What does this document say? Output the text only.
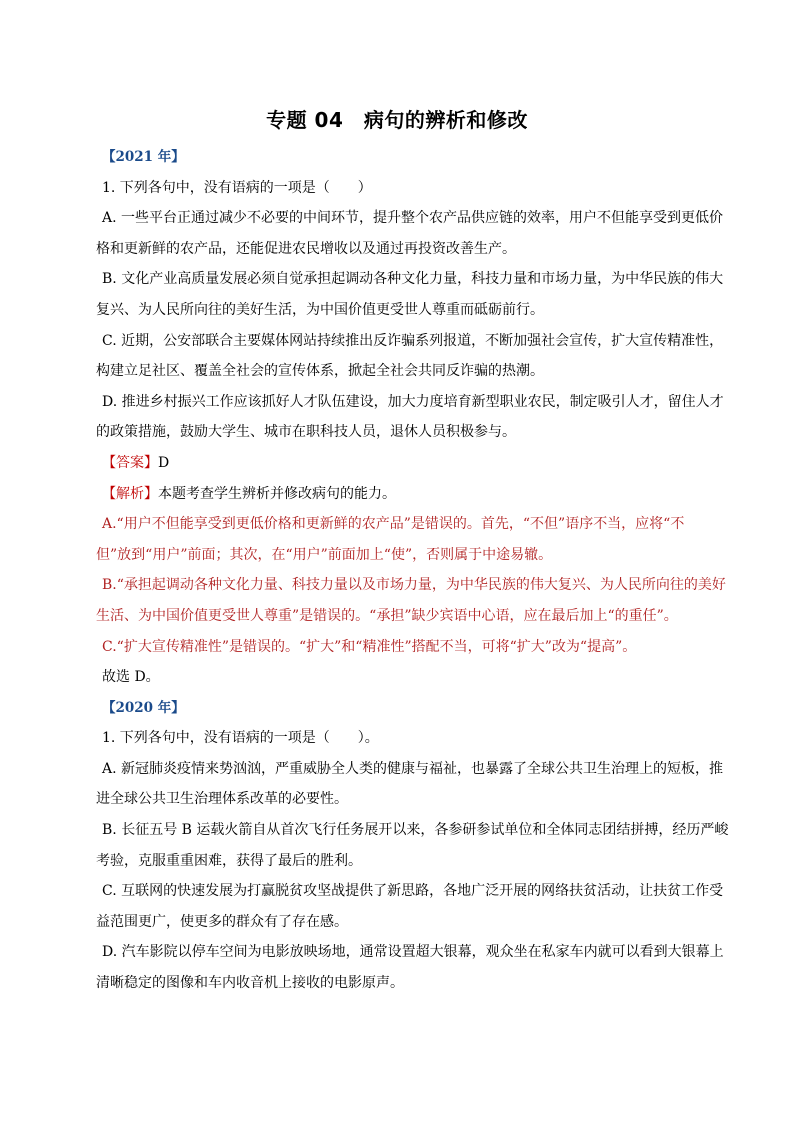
专题 04　病句的辨析和修改

【2021 年】

1. 下列各句中，没有语病的一项是（　　）

A. 一些平台正通过减少不必要的中间环节，提升整个农产品供应链的效率，用户不但能享受到更低价
格和更新鲜的农产品，还能促进农民增收以及通过再投资改善生产。

B. 文化产业高质量发展必须自觉承担起调动各种文化力量，科技力量和市场力量，为中华民族的伟大
复兴、为人民所向往的美好生活，为中国价值更受世人尊重而砥砺前行。

C. 近期，公安部联合主要媒体网站持续推出反诈骗系列报道，不断加强社会宣传，扩大宣传精准性，
构建立足社区、覆盖全社会的宣传体系，掀起全社会共同反诈骗的热潮。

D. 推进乡村振兴工作应该抓好人才队伍建设，加大力度培育新型职业农民，制定吸引人才，留住人才
的政策措施，鼓励大学生、城市在职科技人员，退休人员积极参与。

【答案】D

【解析】本题考查学生辨析并修改病句的能力。

A.“用户不但能享受到更低价格和更新鲜的农产品”是错误的。首先，“不但”语序不当，应将“不
但”放到“用户”前面；其次，在“用户”前面加上“使”，否则属于中途易辙。

B.“承担起调动各种文化力量、科技力量以及市场力量，为中华民族的伟大复兴、为人民所向往的美好
生活、为中国价值更受世人尊重”是错误的。“承担”缺少宾语中心语，应在最后加上“的重任”。

C.“扩大宣传精准性”是错误的。“扩大”和“精准性”搭配不当，可将“扩大”改为“提高”。

故选 D。

【2020 年】

1. 下列各句中，没有语病的一项是（　　）。

A. 新冠肺炎疫情来势汹汹，严重威胁全人类的健康与福祉，也暴露了全球公共卫生治理上的短板，推
进全球公共卫生治理体系改革的必要性。

B. 长征五号 B 运载火箭自从首次飞行任务展开以来，各参研参试单位和全体同志团结拼搏，经历严峻
考验，克服重重困难，获得了最后的胜利。

C. 互联网的快速发展为打赢脱贫攻坚战提供了新思路，各地广泛开展的网络扶贫活动，让扶贫工作受
益范围更广，使更多的群众有了存在感。

D. 汽车影院以停车空间为电影放映场地，通常设置超大银幕，观众坐在私家车内就可以看到大银幕上
清晰稳定的图像和车内收音机上接收的电影原声。
